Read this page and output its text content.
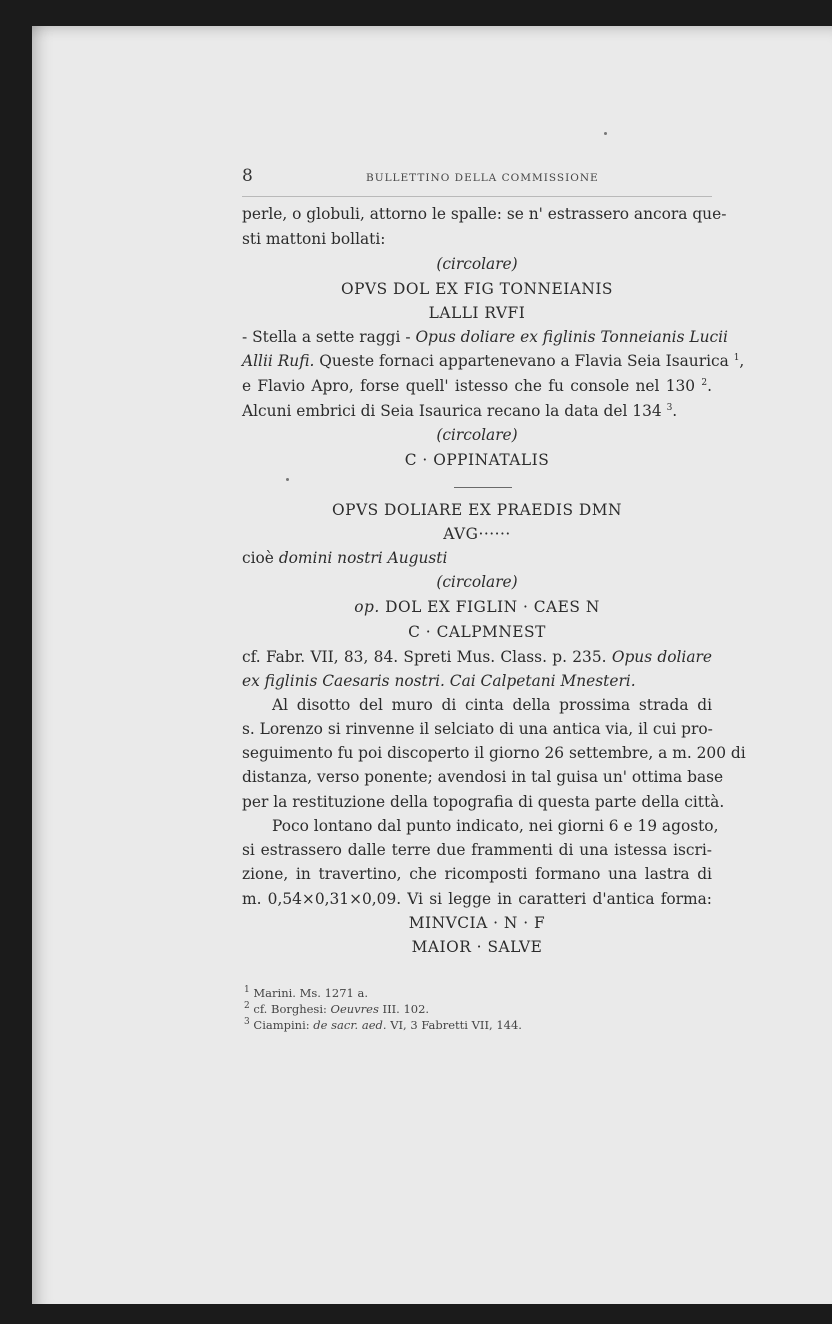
8	BULLETTINO DELLA COMMISSIONE
perle, o globuli, attorno le spalle: se n' estrassero ancora que-
sti mattoni bollati:
(circolare)
OPVS DOL EX FIG TONNEIANIS
LALLI RVFI
- Stella a sette raggi - Opus doliare ex figlinis Tonneianis Lucii
Allii Rufi. Queste fornaci appartenevano a Flavia Seia Isaurica $^1$,
e Flavio Apro, forse quell' istesso che fu console nel 130 $^2$.
Alcuni embrici di Seia Isaurica recano la data del 134 $^3$.
(circolare)
C · OPPINATALIS
OPVS DOLIARE EX PRAEDIS DMN
AVG······
cioè domini nostri Augusti
(circolare)
op. DOL EX FIGLIN · CAES N
C · CALPMNEST
cf. Fabr. VII, 83, 84. Spreti Mus. Class. p. 235. Opus doliare
ex figlinis Caesaris nostri. Cai Calpetani Mnesteri.
Al disotto del muro di cinta della prossima strada di
s. Lorenzo si rinvenne il selciato di una antica via, il cui pro-
seguimento fu poi discoperto il giorno 26 settembre, a m. 200 di
distanza, verso ponente; avendosi in tal guisa un' ottima base
per la restituzione della topografia di questa parte della città.
Poco lontano dal punto indicato, nei giorni 6 e 19 agosto,
si estrassero dalle terre due frammenti di una istessa iscri-
zione, in travertino, che ricomposti formano una lastra di
m. 0,54×0,31×0,09. Vi si legge in caratteri d'antica forma:
MINVCIA · N · F
MAIOR · SALVE
$^1$ Marini. Ms. 1271 a.
$^2$ cf. Borghesi: Oeuvres III. 102.
$^3$ Ciampini: de sacr. aed. VI, 3 Fabretti VII, 144.
